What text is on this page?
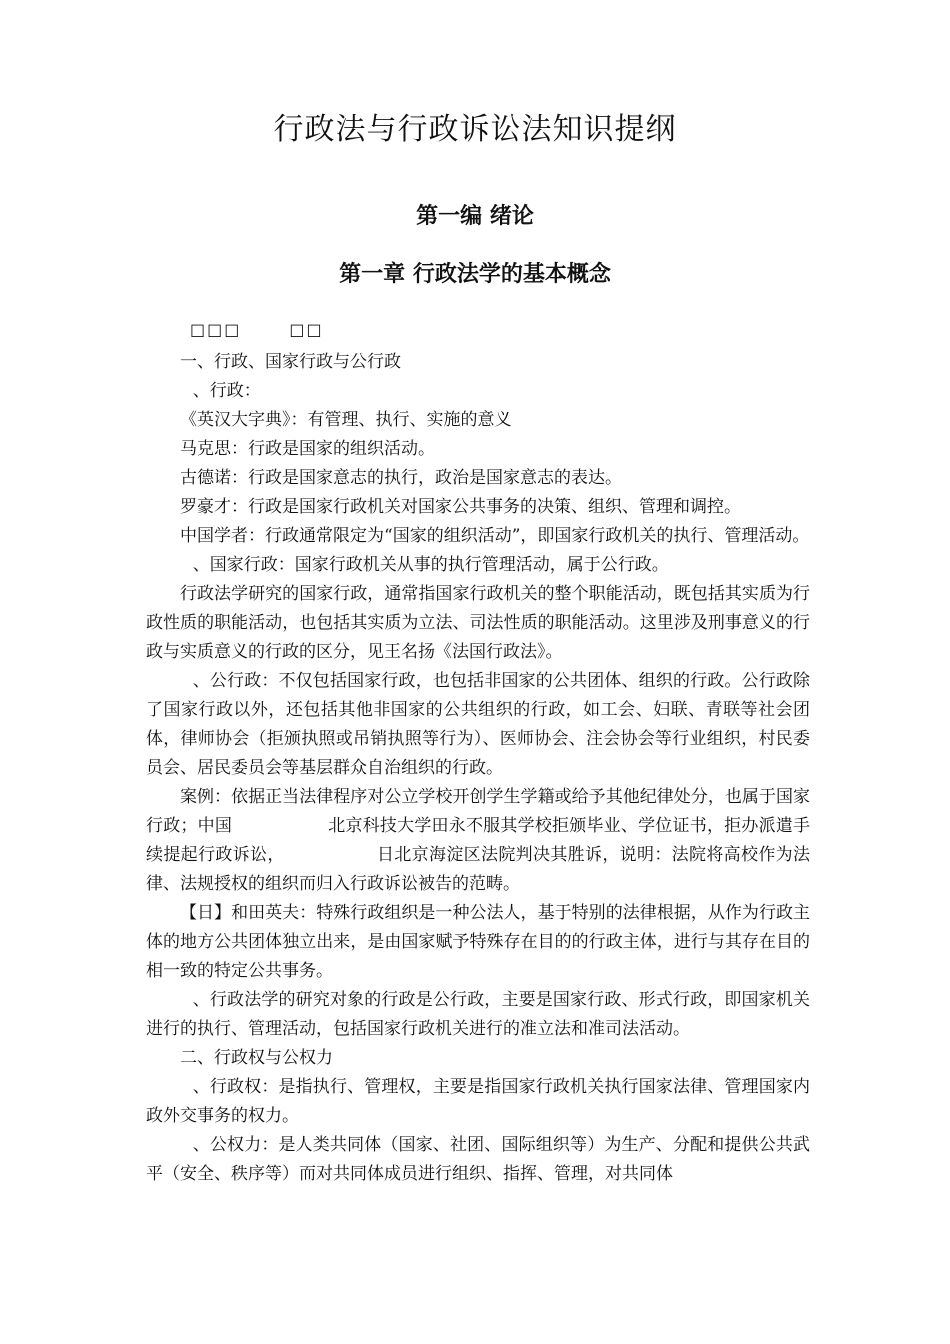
行政法与行政诉讼法知识提纲
第一编 绪论
第一章 行政法学的基本概念
□□□	□□

一、行政、国家行政与公行政

、行政：

《英汉大字典》：有管理、执行、实施的意义

马克思：行政是国家的组织活动。

古德诺：行政是国家意志的执行，政治是国家意志的表达。

罗豪才：行政是国家行政机关对国家公共事务的决策、组织、管理和调控。

中国学者：行政通常限定为“国家的组织活动”，即国家行政机关的执行、管理活动。

、国家行政：国家行政机关从事的执行管理活动，属于公行政。

行政法学研究的国家行政，通常指国家行政机关的整个职能活动，既包括其实质为行政性质的职能活动，也包括其实质为立法、司法性质的职能活动。这里涉及刑事意义的行政与实质意义的行政的区分，见王名扬《法国行政法》。

、公行政：不仅包括国家行政，也包括非国家的公共团体、组织的行政。公行政除了国家行政以外，还包括其他非国家的公共组织的行政，如工会、妇联、青联等社会团体，律师协会（拒颁执照或吊销执照等行为）、医师协会、注会协会等行业组织，村民委员会、居民委员会等基层群众自治组织的行政。

案例：依据正当法律程序对公立学校开创学生学籍或给予其他纪律处分，也属于国家行政；中国	北京科技大学田永不服其学校拒颁毕业、学位证书，拒办派遣手续提起行政诉讼，	日北京海淀区法院判决其胜诉，说明：法院将高校作为法律、法规授权的组织而归入行政诉讼被告的范畴。

【日】和田英夫：特殊行政组织是一种公法人，基于特别的法律根据，从作为行政主体的地方公共团体独立出来，是由国家赋予特殊存在目的的行政主体，进行与其存在目的相一致的特定公共事务。

、行政法学的研究对象的行政是公行政，主要是国家行政、形式行政，即国家机关进行的执行、管理活动，包括国家行政机关进行的准立法和准司法活动。

二、行政权与公权力

、行政权：是指执行、管理权，主要是指国家行政机关执行国家法律、管理国家内政外交事务的权力。

、公权力：是人类共同体（国家、社团、国际组织等）为生产、分配和提供公共武平（安全、秩序等）而对共同体成员进行组织、指挥、管理，对共同体
